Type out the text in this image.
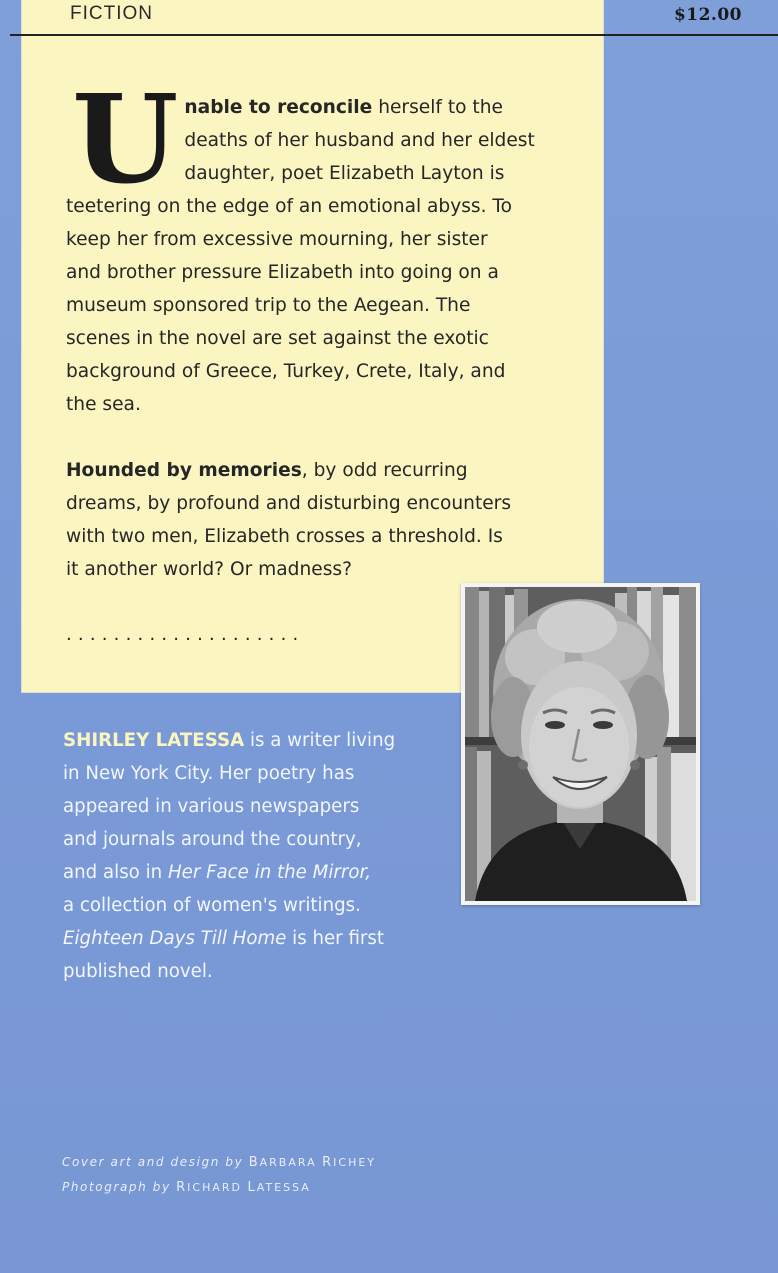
FICTION	$12.00

U nable to reconcile herself to the
deaths of her husband and her eldest
daughter, poet Elizabeth Layton is
teetering on the edge of an emotional abyss. To
keep her from excessive mourning, her sister
and brother pressure Elizabeth into going on a
museum sponsored trip to the Aegean. The
scenes in the novel are set against the exotic
background of Greece, Turkey, Crete, Italy, and
the sea.

Hounded by memories, by odd recurring
dreams, by profound and disturbing encounters
with two men, Elizabeth crosses a threshold. Is
it another world? Or madness?

....................
SHIRLEY LATESSA is a writer living
in New York City. Her poetry has
appeared in various newspapers
and journals around the country,
and also in Her Face in the Mirror,
a collection of women's writings.
Eighteen Days Till Home is her first
published novel.
Cover art and design by BARBARA RICHEY
Photograph by RICHARD LATESSA
